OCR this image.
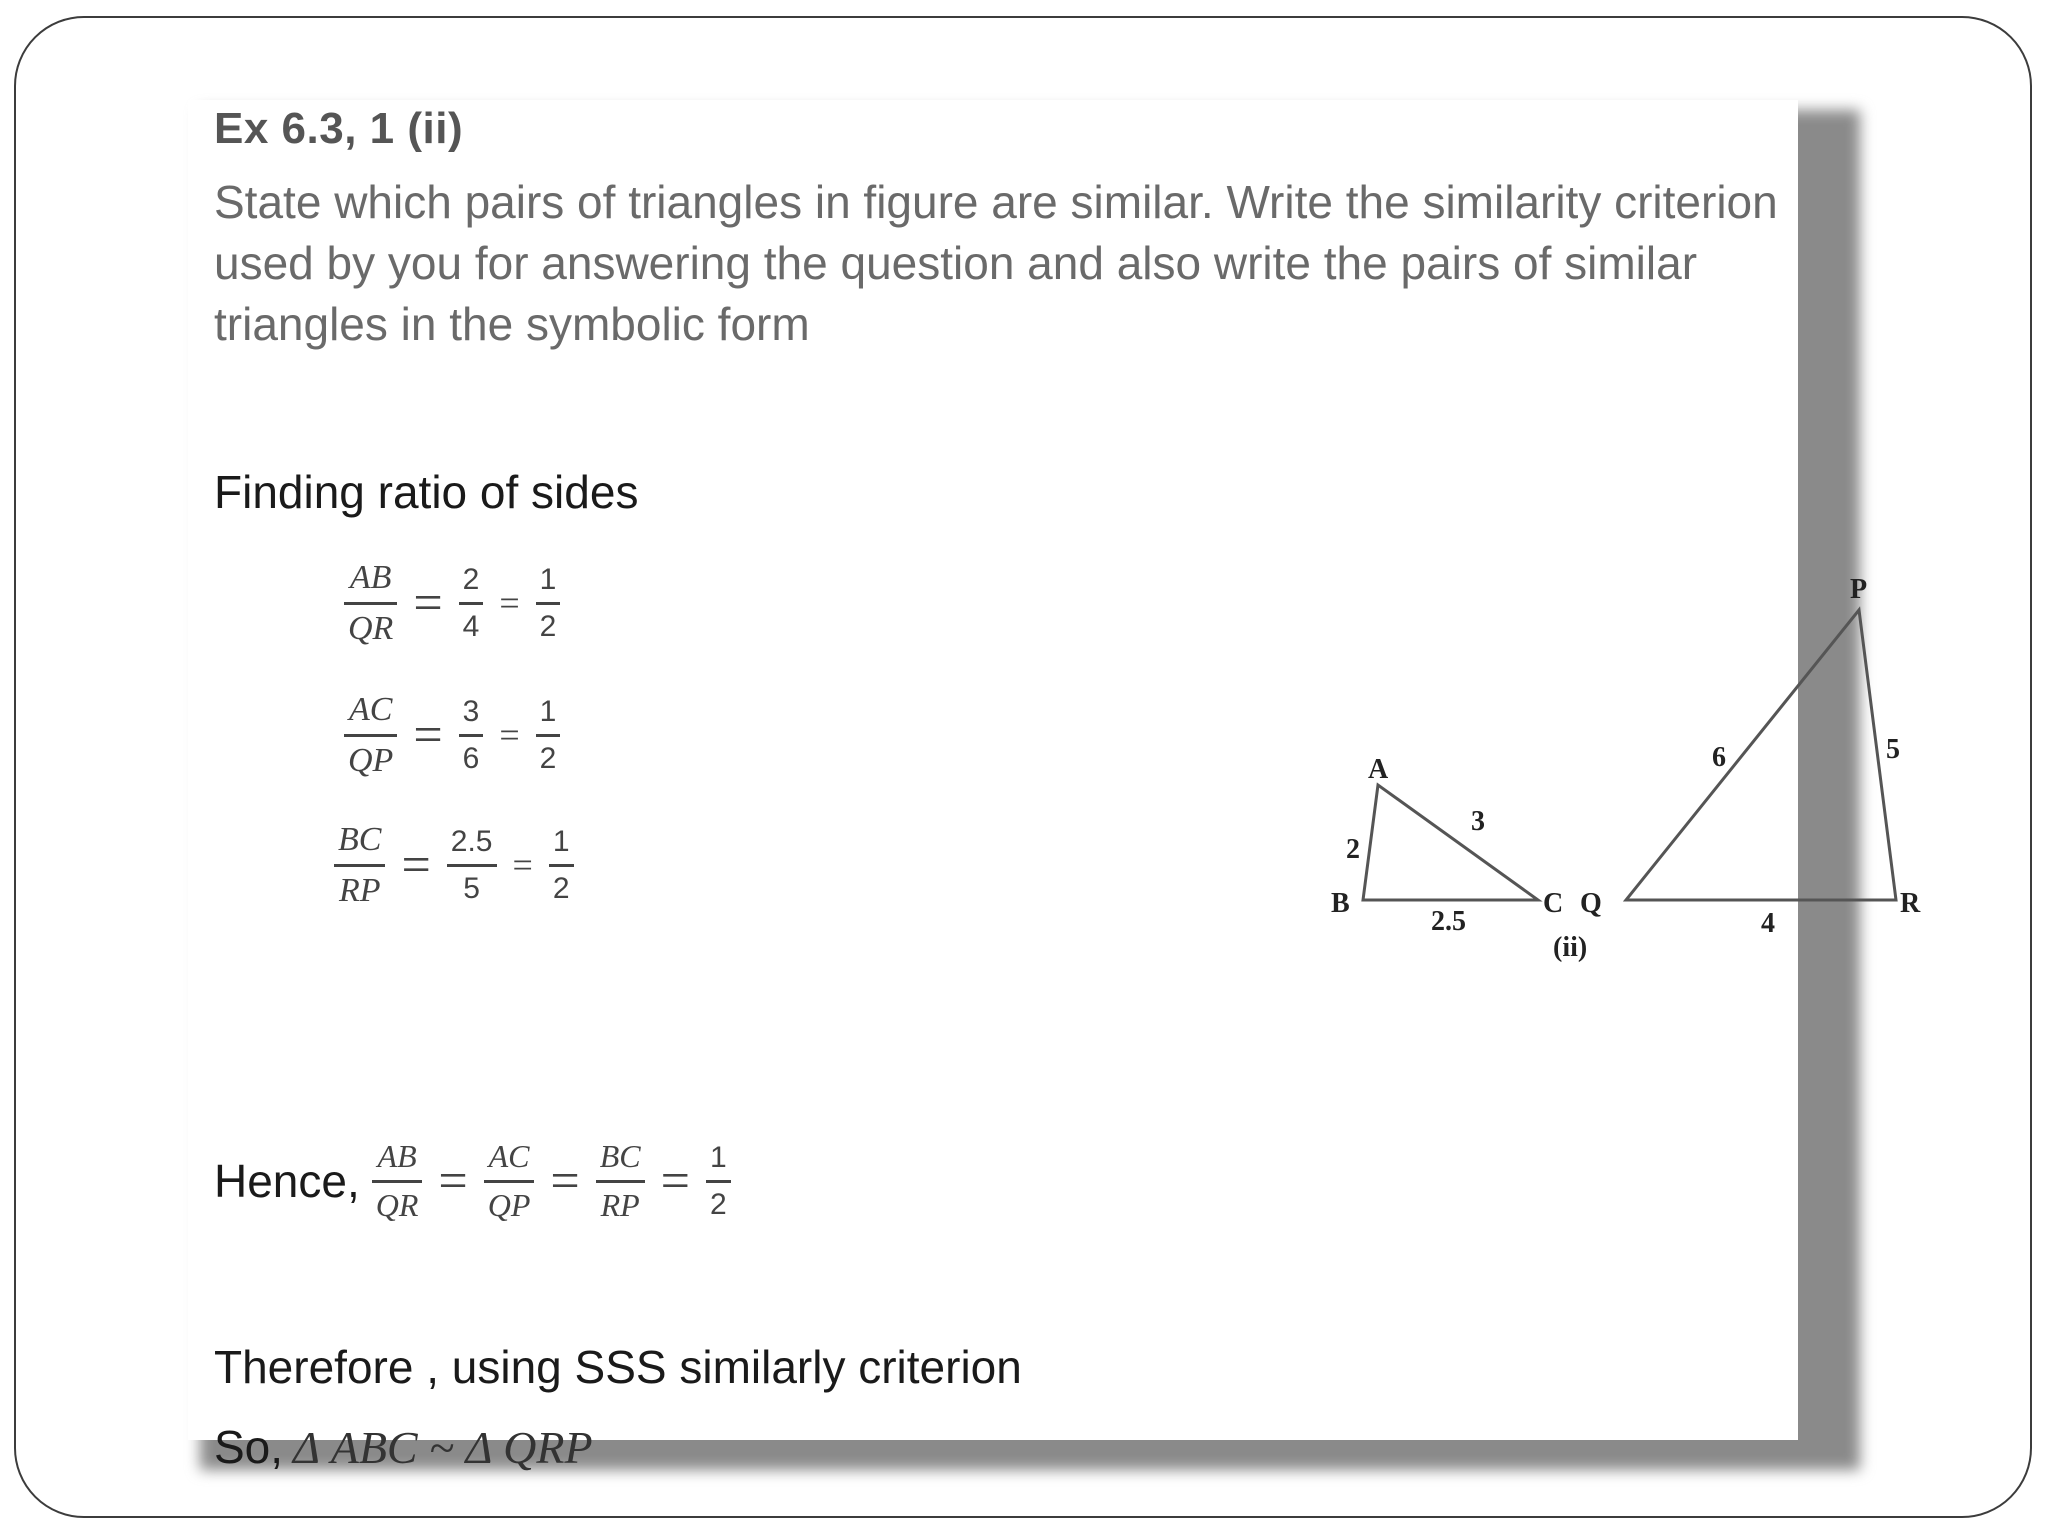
Ex 6.3, 1 (ii)
State which pairs of triangles in figure are similar. Write the similarity criterion used by you for answering the question and also write the pairs of similar triangles in the symbolic form
Finding ratio of sides
$\frac{AB}{QR} = \frac{2}{4} = \frac{1}{2}$
$\frac{AC}{QP} = \frac{3}{6} = \frac{1}{2}$
$\frac{BC}{RP} = \frac{2.5}{5} = \frac{1}{2}$
Hence, $\frac{AB}{QR} = \frac{AC}{QP} = \frac{BC}{RP} = \frac{1}{2}$
Therefore , using SSS similarly criterion
So, Δ ABC ~ Δ QRP
A
B	C
2
3
2.5
P
Q	R
6	5
4
(ii)
